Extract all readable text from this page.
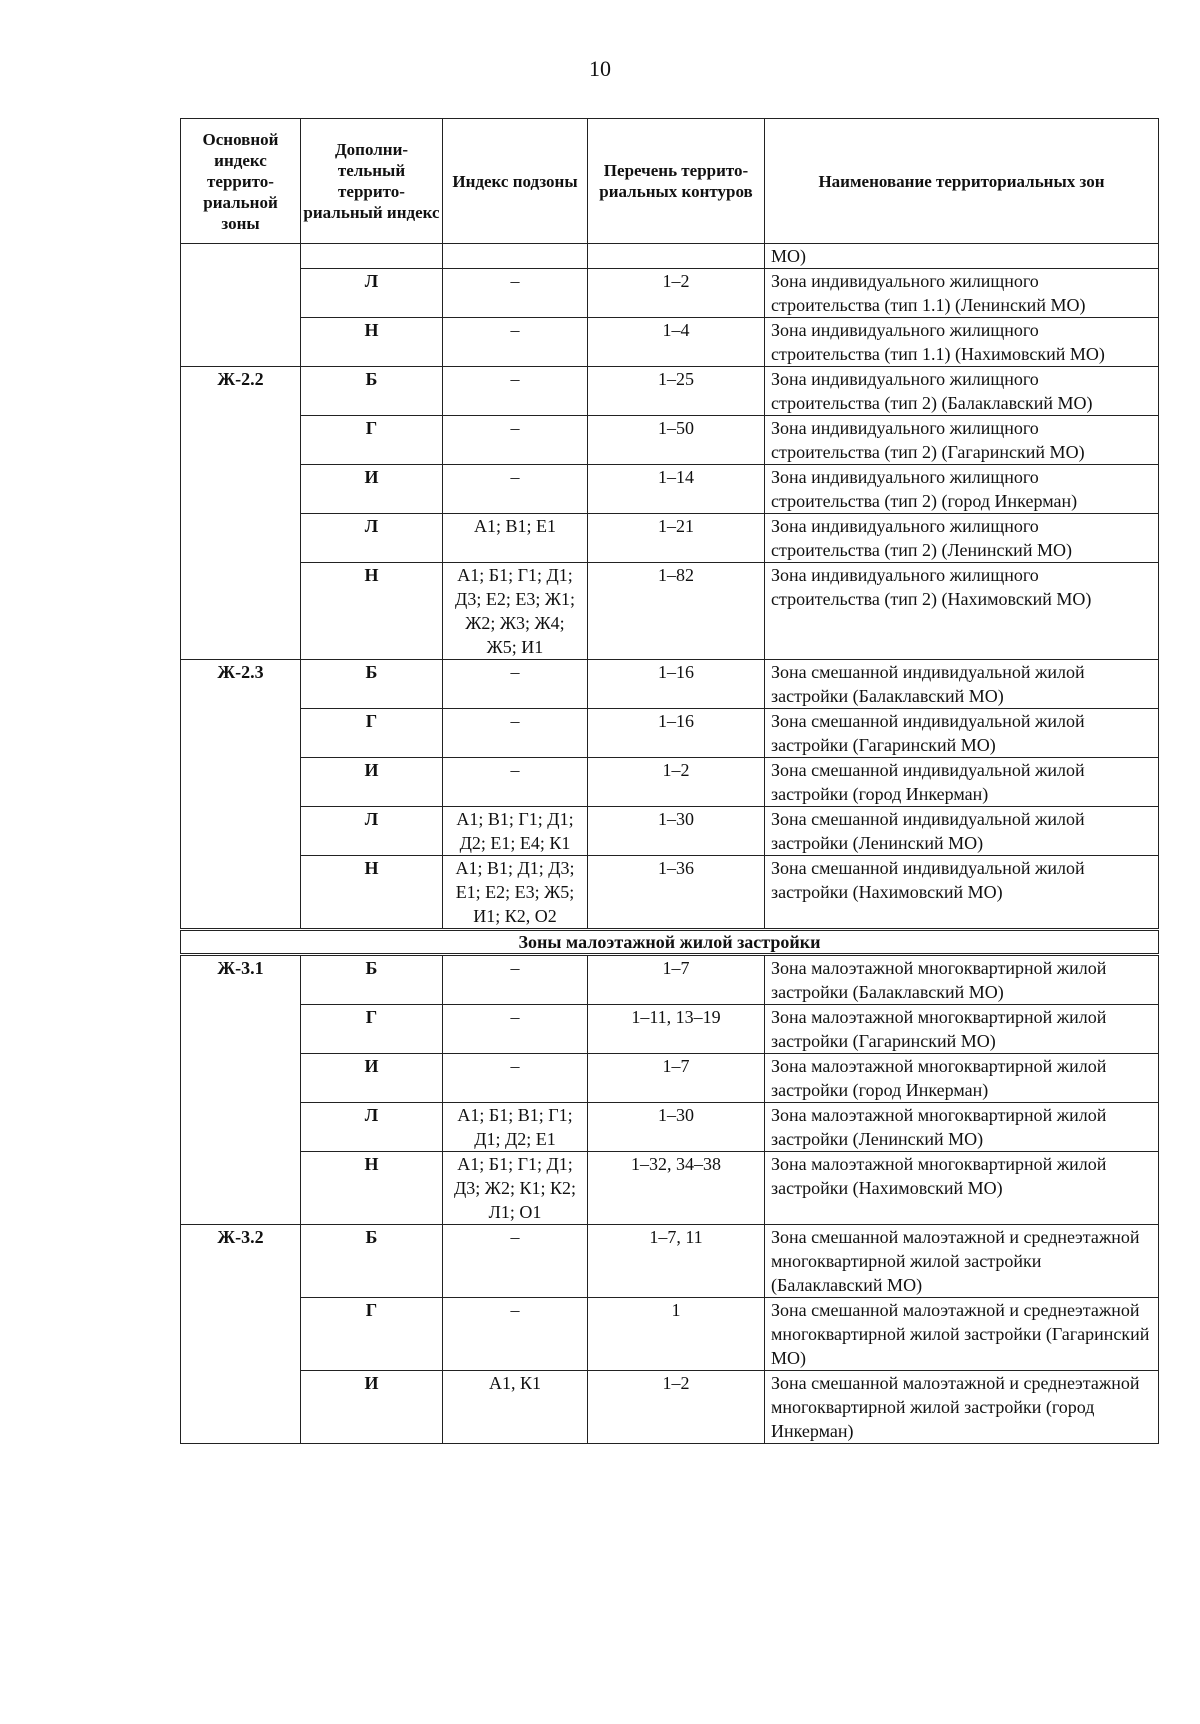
10
Основной индекс террито-риальной зоны	Дополни-тельный террито-риальный индекс	Индекс подзоны	Перечень террито-риальных контуров	Наименование территориальных зон
				МО)
	Л	–	1–2	Зона индивидуального жилищного строительства (тип 1.1) (Ленинский МО)
	Н	–	1–4	Зона индивидуального жилищного строительства (тип 1.1) (Нахимовский МО)
Ж-2.2	Б	–	1–25	Зона индивидуального жилищного строительства (тип 2) (Балаклавский МО)
	Г	–	1–50	Зона индивидуального жилищного строительства (тип 2) (Гагаринский МО)
	И	–	1–14	Зона индивидуального жилищного строительства (тип 2) (город Инкерман)
	Л	А1; В1; Е1	1–21	Зона индивидуального жилищного строительства (тип 2) (Ленинский МО)
	Н	А1; Б1; Г1; Д1; Д3; Е2; Е3; Ж1; Ж2; Ж3; Ж4; Ж5; И1	1–82	Зона индивидуального жилищного строительства (тип 2) (Нахимовский МО)
Ж-2.3	Б	–	1–16	Зона смешанной индивидуальной жилой застройки (Балаклавский МО)
	Г	–	1–16	Зона смешанной индивидуальной жилой застройки (Гагаринский МО)
	И	–	1–2	Зона смешанной индивидуальной жилой застройки (город Инкерман)
	Л	А1; В1; Г1; Д1; Д2; Е1; Е4; К1	1–30	Зона смешанной индивидуальной жилой застройки (Ленинский МО)
	Н	А1; В1; Д1; Д3; Е1; Е2; Е3; Ж5; И1; К2, О2	1–36	Зона смешанной индивидуальной жилой застройки (Нахимовский МО)
Зоны малоэтажной жилой застройки				
Ж-3.1	Б	–	1–7	Зона малоэтажной многоквартирной жилой застройки (Балаклавский МО)
	Г	–	1–11, 13–19	Зона малоэтажной многоквартирной жилой застройки (Гагаринский МО)
	И	–	1–7	Зона малоэтажной многоквартирной жилой застройки (город Инкерман)
	Л	А1; Б1; В1; Г1; Д1; Д2; Е1	1–30	Зона малоэтажной многоквартирной жилой застройки (Ленинский МО)
	Н	А1; Б1; Г1; Д1; Д3; Ж2; К1; К2; Л1; О1	1–32, 34–38	Зона малоэтажной многоквартирной жилой застройки (Нахимовский МО)
Ж-3.2	Б	–	1–7, 11	Зона смешанной малоэтажной и среднеэтажной многоквартирной жилой застройки (Балаклавский МО)
	Г	–	1	Зона смешанной малоэтажной и среднеэтажной многоквартирной жилой застройки (Гагаринский МО)
	И	А1, К1	1–2	Зона смешанной малоэтажной и среднеэтажной многоквартирной жилой застройки (город Инкерман)
